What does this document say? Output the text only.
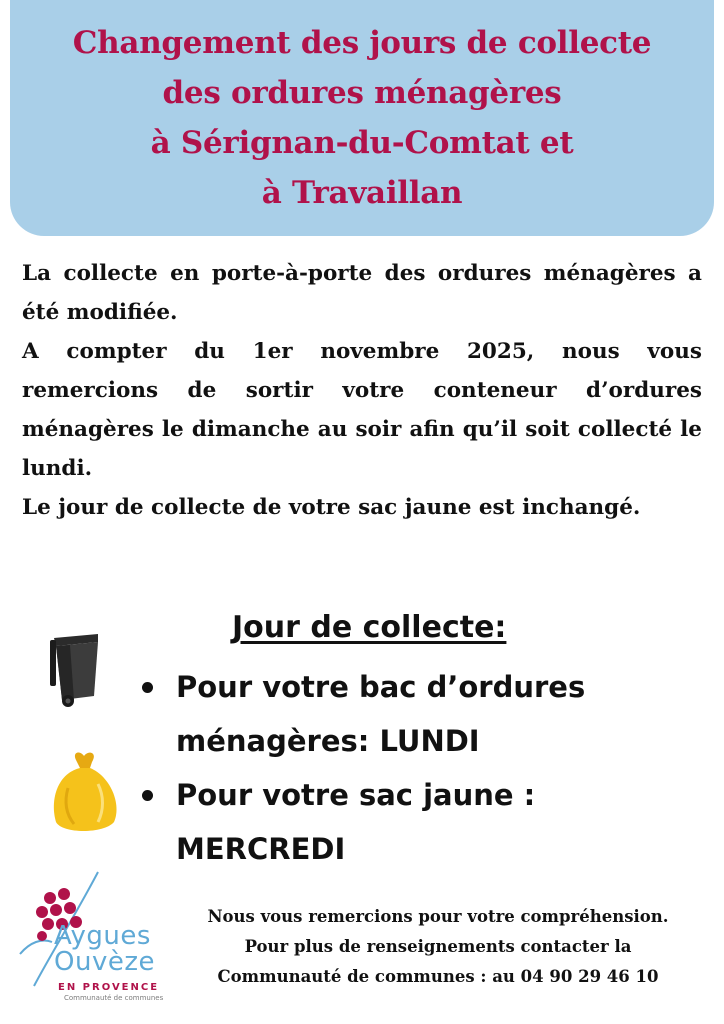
Changement des jours de collecte
des ordures ménagères
à Sérignan-du-Comtat et
à Travaillan

La collecte en porte-à-porte des ordures ménagères a été modifiée.

A compter du 1er novembre 2025, nous vous remercions de sortir votre conteneur d’ordures ménagères le dimanche au soir afin qu’il soit collecté le lundi.

Le jour de collecte de votre sac jaune est inchangé.

Jour de collecte:
Pour votre bac d’ordures ménagères: LUNDI
Pour votre sac jaune : MERCREDI
Aygues
Ouvèze
EN PROVENCE
Communauté de communes
Nous vous remercions pour votre compréhension.
Pour plus de renseignements contacter la
Communauté de communes : au 04 90 29 46 10
